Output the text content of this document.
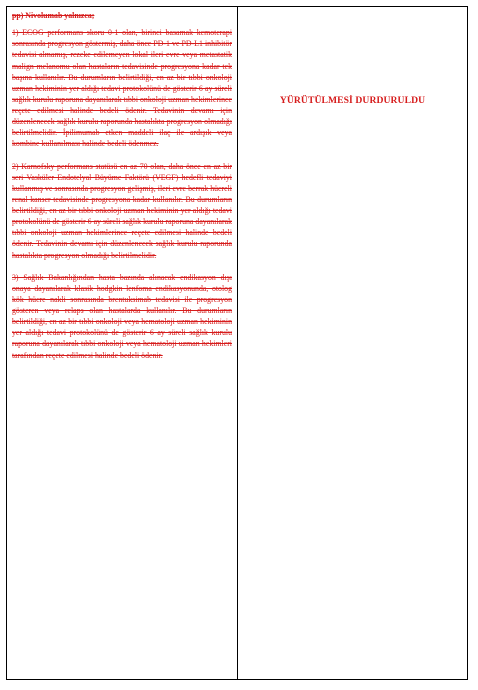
pp) Nivolumab yalnızca;

1) ECOG performans skoru 0-1 olan, birinci basamak kemoterapi sonrasında progresyon göstermiş, daha önce PD-1 ve PD-L1 inhibitör tedavisi almamış, rezeke edilemeyen lokal ileri evre veya metastatik malign melanomu olan hastaların tedavisinde progresyona kadar tek başına kullanılır. Bu durumların belirtildiği, en az bir tıbbi onkoloji uzman hekiminin yer aldığı tedavi protokolünü de gösterir 6 ay süreli sağlık kurulu raporuna dayanılarak tıbbi onkoloji uzman hekimlerince reçete edilmesi halinde bedeli ödenir. Tedavinin devamı için düzenlenecek sağlık kurulu raporunda hastalıkta progresyon olmadığı belirtilmelidir. İpilimumab etken maddeli ilaç ile ardışık veya kombine kullanılması halinde bedeli ödenmez.

2) Karnofsky performans statüsü en az 70 olan, daha önce en az bir seri Vasküler Endotelyal Büyüme Faktörü (VEGF) hedefli tedaviyi kullanmış ve sonrasında progresyon gelişmiş, ileri evre berrak hücreli renal kanser tedavisinde progresyona kadar kullanılır. Bu durumların belirtildiği, en az bir tıbbi onkoloji uzman hekiminin yer aldığı tedavi protokolünü de gösterir 6 ay süreli sağlık kurulu raporuna dayanılarak tıbbi onkoloji uzman hekimlerince reçete edilmesi halinde bedeli ödenir. Tedavinin devamı için düzenlenecek sağlık kurulu raporunda hastalıkta progresyon olmadığı belirtilmelidir.

3) Sağlık Bakanlığından hasta bazında alınacak endikasyon dışı onaya dayanılarak klasik hodgkin lenfoma endikasyonunda, otolog kök hücre nakli sonrasında brentuksimab tedavisi ile progresyon gösteren veya relaps olan hastalarda kullanılır. Bu durumların belirtildiği, en az bir tıbbi onkoloji veya hematoloji uzman hekiminin yer aldığı tedavi protokolünü de gösterir 6 ay süreli sağlık kurulu raporuna dayanılarak tıbbi onkoloji veya hematoloji uzman hekimleri tarafından reçete edilmesi halinde bedeli ödenir.

YÜRÜTÜLMESİ DURDURULDU
